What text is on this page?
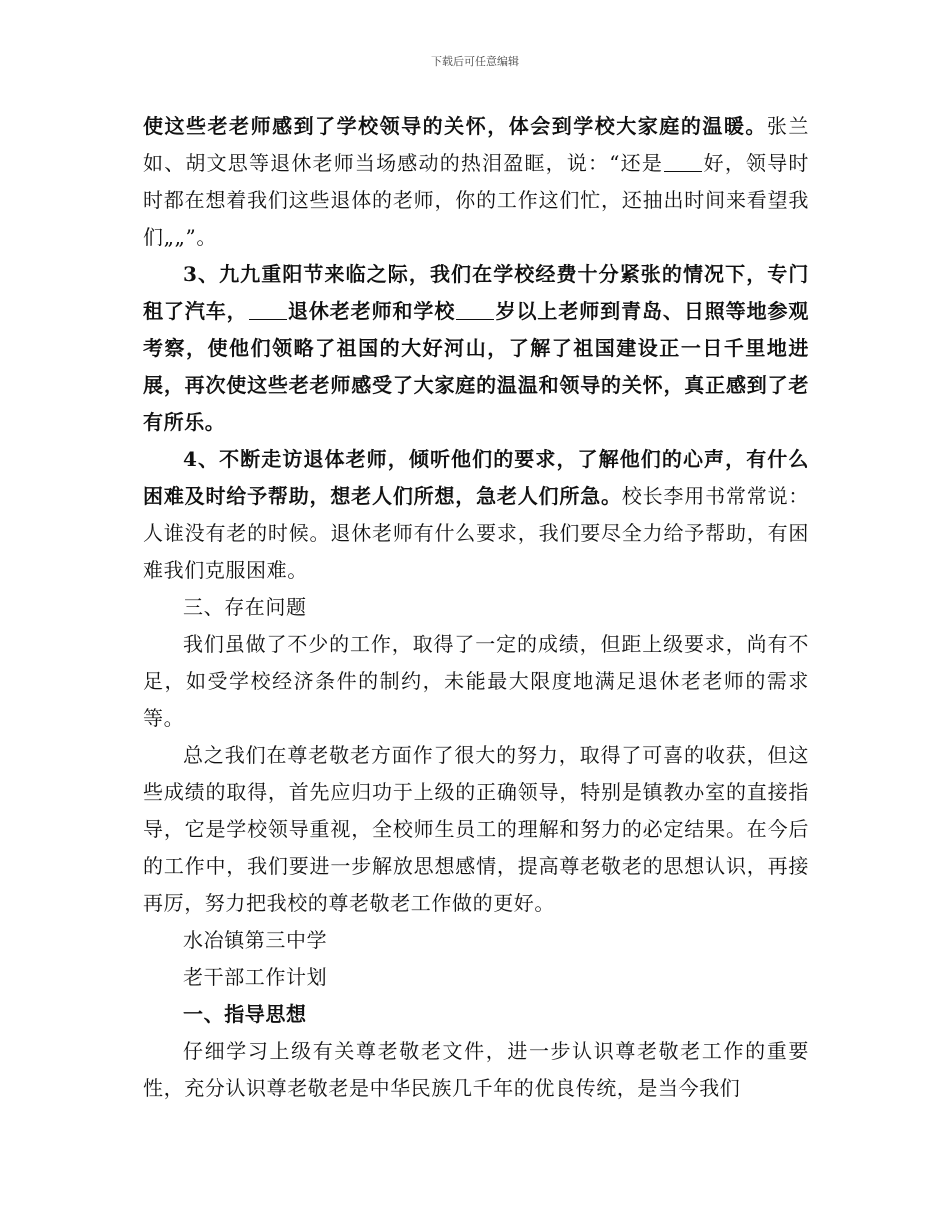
下载后可任意编辑

使这些老老师感到了学校领导的关怀，体会到学校大家庭的温暖。张兰如、胡文思等退休老师当场感动的热泪盈眶，说：“还是 好，领导时时都在想着我们这些退体的老师，你的工作这们忙，还抽出时间来看望我们„„”。

3、九九重阳节来临之际，我们在学校经费十分紧张的情况下，专门租了汽车， 退休老老师和学校 岁以上老师到青岛、日照等地参观考察，使他们领略了祖国的大好河山，了解了祖国建设正一日千里地进展，再次使这些老老师感受了大家庭的温温和领导的关怀，真正感到了老有所乐。

4、不断走访退体老师，倾听他们的要求，了解他们的心声，有什么困难及时给予帮助，想老人们所想，急老人们所急。校长李用书常常说：人谁没有老的时候。退休老师有什么要求，我们要尽全力给予帮助，有困难我们克服困难。

三、存在问题

我们虽做了不少的工作，取得了一定的成绩，但距上级要求，尚有不足，如受学校经济条件的制约，未能最大限度地满足退休老老师的需求等。

总之我们在尊老敬老方面作了很大的努力，取得了可喜的收获，但这些成绩的取得，首先应归功于上级的正确领导，特别是镇教办室的直接指导，它是学校领导重视，全校师生员工的理解和努力的必定结果。在今后的工作中，我们要进一步解放思想感情，提高尊老敬老的思想认识，再接再厉，努力把我校的尊老敬老工作做的更好。

水冶镇第三中学

老干部工作计划

一、指导思想

仔细学习上级有关尊老敬老文件，进一步认识尊老敬老工作的重要性，充分认识尊老敬老是中华民族几千年的优良传统，是当今我们
